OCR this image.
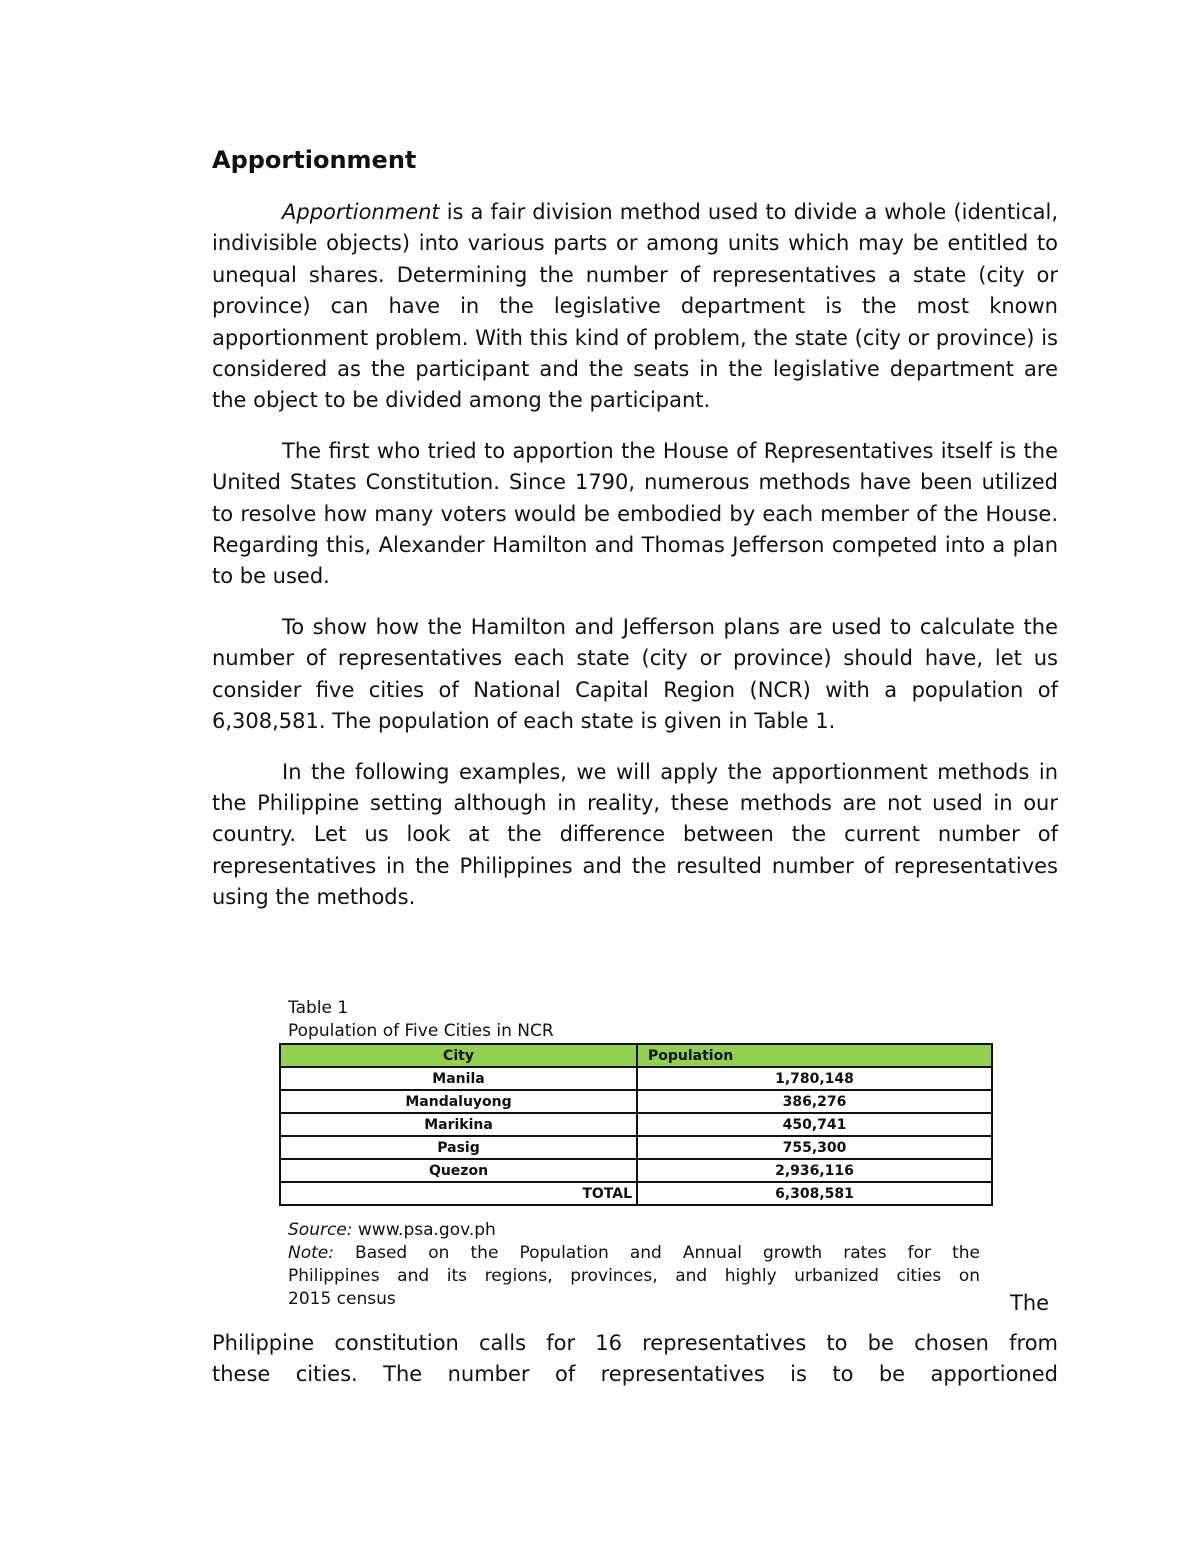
Apportionment

Apportionment is a fair division method used to divide a whole (identical, indivisible objects) into various parts or among units which may be entitled to unequal shares. Determining the number of representatives a state (city or province) can have in the legislative department is the most known apportionment problem. With this kind of problem, the state (city or province) is considered as the participant and the seats in the legislative department are the object to be divided among the participant.

The first who tried to apportion the House of Representatives itself is the United States Constitution. Since 1790, numerous methods have been utilized to resolve how many voters would be embodied by each member of the House. Regarding this, Alexander Hamilton and Thomas Jefferson competed into a plan to be used.

To show how the Hamilton and Jefferson plans are used to calculate the number of representatives each state (city or province) should have, let us consider five cities of National Capital Region (NCR) with a population of 6,308,581. The population of each state is given in Table 1.

In the following examples, we will apply the apportionment methods in the Philippine setting although in reality, these methods are not used in our country. Let us look at the difference between the current number of representatives in the Philippines and the resulted number of representatives using the methods.

Table 1
Population of Five Cities in NCR
City	Population
Manila	1,780,148
Mandaluyong	386,276
Marikina	450,741
Pasig	755,300
Quezon	2,936,116
TOTAL	6,308,581

Source: www.psa.gov.ph

Note: Based on the Population and Annual growth rates for the

Philippines and its regions, provinces, and highly urbanized cities on

2015 census	The
Philippine constitution calls for 16 representatives to be chosen from
these cities. The number of representatives is to be apportioned
